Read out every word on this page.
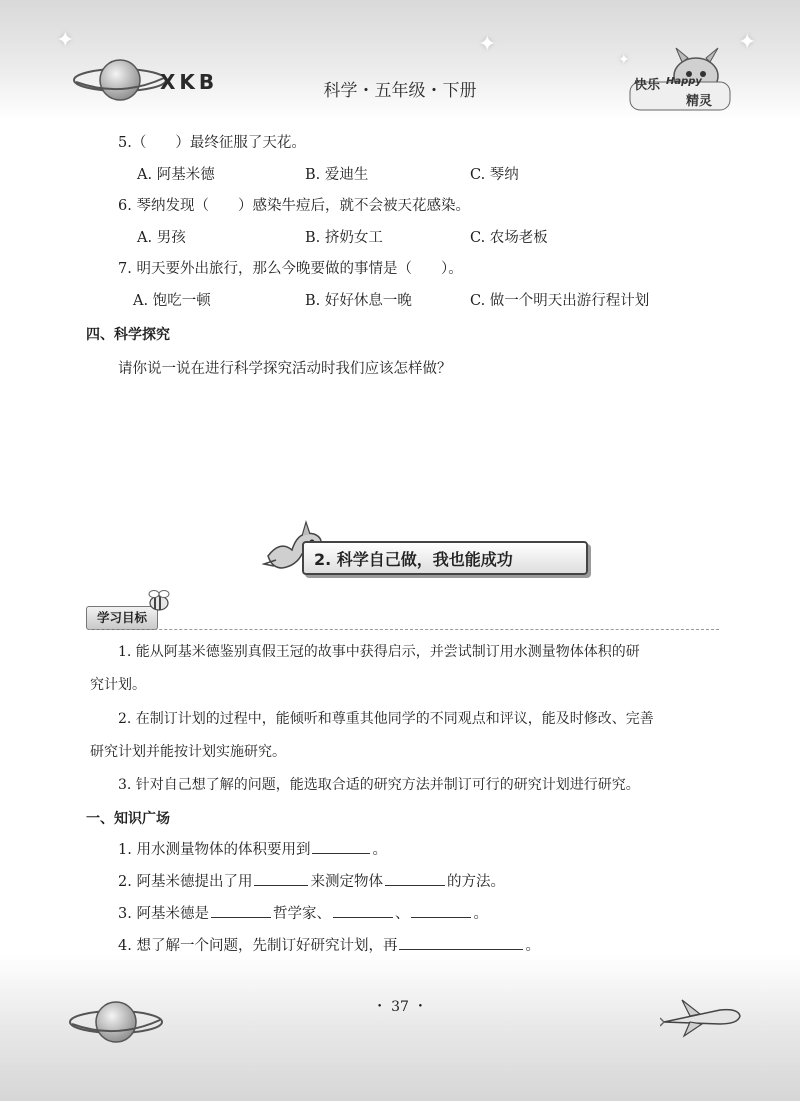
✦	✦	✦
✦
XKB	科学・五年级・下册	快乐 Happy
精灵
5.（　　）最终征服了天花。
A. 阿基米德	B. 爱迪生	C. 琴纳
6. 琴纳发现（　　）感染牛痘后，就不会被天花感染。
A. 男孩	B. 挤奶女工	C. 农场老板
7. 明天要外出旅行，那么今晚要做的事情是（　　）。
A. 饱吃一顿	B. 好好休息一晚	C. 做一个明天出游行程计划
四、科学探究
请你说一说在进行科学探究活动时我们应该怎样做？
2. 科学自己做，我也能成功
学习目标
1. 能从阿基米德鉴别真假王冠的故事中获得启示，并尝试制订用水测量物体体积的研
究计划。
2. 在制订计划的过程中，能倾听和尊重其他同学的不同观点和评议，能及时修改、完善
研究计划并能按计划实施研究。
3. 针对自己想了解的问题，能选取合适的研究方法并制订可行的研究计划进行研究。
一、知识广场
1. 用水测量物体的体积要用到	。
2. 阿基米德提出了用	来测定物体	的方法。
3. 阿基米德是	哲学家、	、	。
4. 想了解一个问题，先制订好研究计划，再	。
・ 37 ・
